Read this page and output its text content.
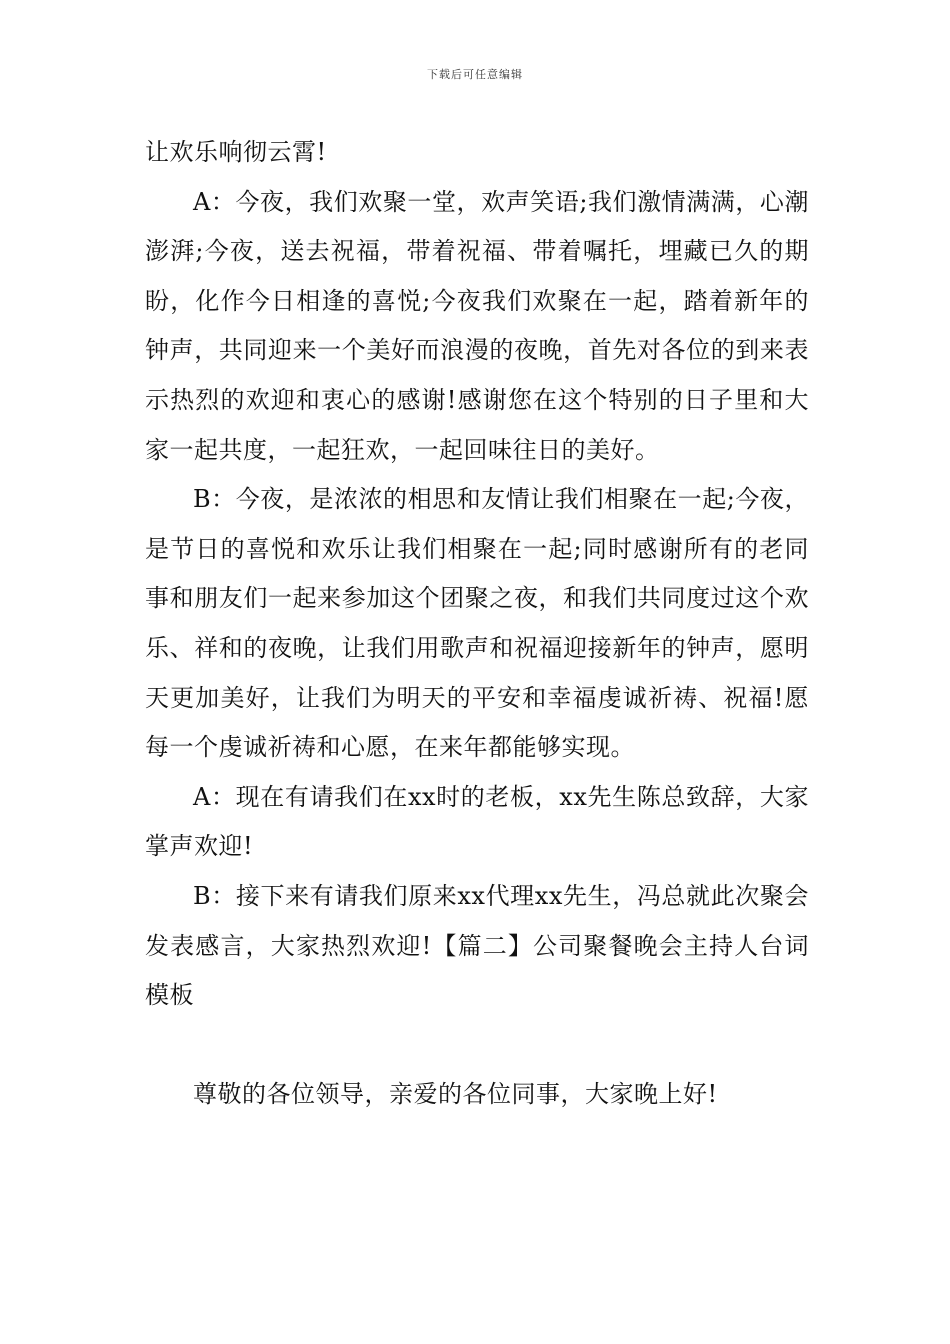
下载后可任意编辑

让欢乐响彻云霄!

A：今夜，我们欢聚一堂，欢声笑语;我们激情满满，心潮澎湃;今夜，送去祝福，带着祝福、带着嘱托，埋藏已久的期盼，化作今日相逢的喜悦;今夜我们欢聚在一起，踏着新年的钟声，共同迎来一个美好而浪漫的夜晚，首先对各位的到来表示热烈的欢迎和衷心的感谢!感谢您在这个特别的日子里和大家一起共度，一起狂欢，一起回味往日的美好。

B：今夜，是浓浓的相思和友情让我们相聚在一起;今夜，是节日的喜悦和欢乐让我们相聚在一起;同时感谢所有的老同事和朋友们一起来参加这个团聚之夜，和我们共同度过这个欢乐、祥和的夜晚，让我们用歌声和祝福迎接新年的钟声，愿明天更加美好，让我们为明天的平安和幸福虔诚祈祷、祝福!愿每一个虔诚祈祷和心愿，在来年都能够实现。

A：现在有请我们在xx时的老板，xx先生陈总致辞，大家掌声欢迎!

B：接下来有请我们原来xx代理xx先生，冯总就此次聚会发表感言，大家热烈欢迎!【篇二】公司聚餐晚会主持人台词模板

尊敬的各位领导，亲爱的各位同事，大家晚上好!
